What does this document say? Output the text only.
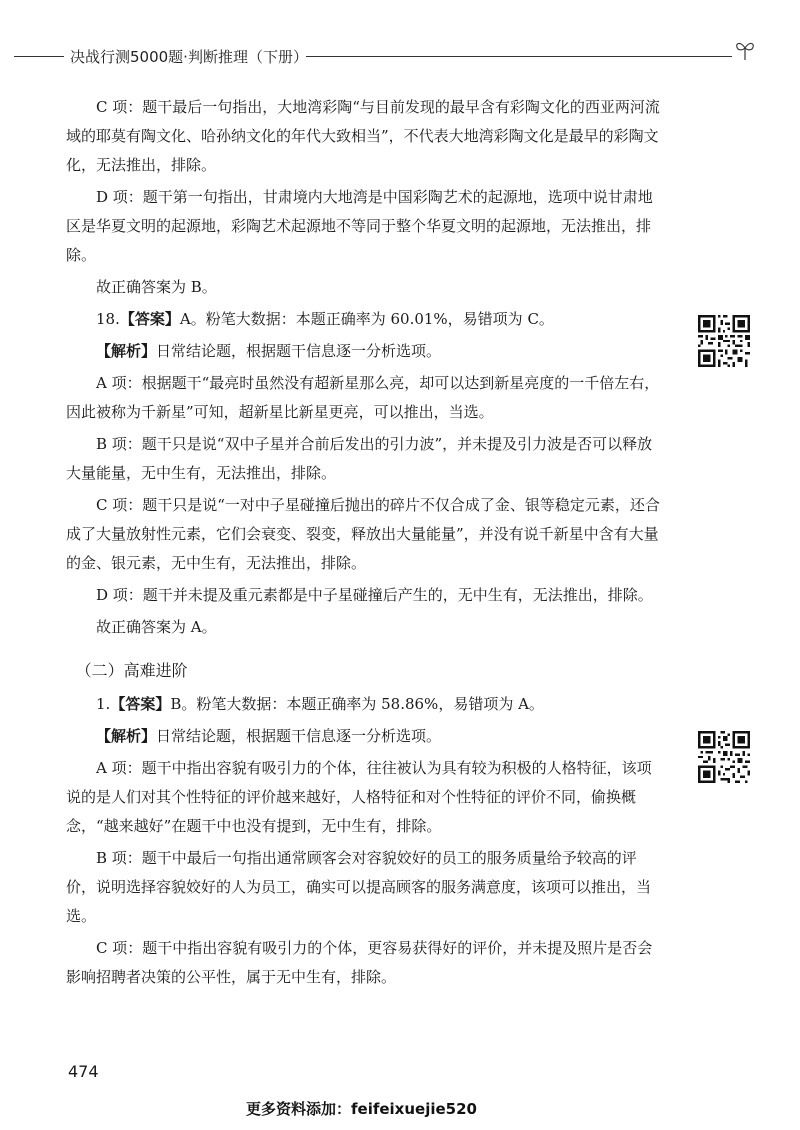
决战行测5000题·判断推理（下册）

C 项：题干最后一句指出，大地湾彩陶“与目前发现的最早含有彩陶文化的西亚两河流域的耶莫有陶文化、哈孙纳文化的年代大致相当”，不代表大地湾彩陶文化是最早的彩陶文化，无法推出，排除。

D 项：题干第一句指出，甘肃境内大地湾是中国彩陶艺术的起源地，选项中说甘肃地区是华夏文明的起源地，彩陶艺术起源地不等同于整个华夏文明的起源地，无法推出，排除。

故正确答案为 B。

18.【答案】A。粉笔大数据：本题正确率为 60.01%，易错项为 C。

【解析】日常结论题，根据题干信息逐一分析选项。

A 项：根据题干“最亮时虽然没有超新星那么亮，却可以达到新星亮度的一千倍左右，因此被称为千新星”可知，超新星比新星更亮，可以推出，当选。

B 项：题干只是说“双中子星并合前后发出的引力波”，并未提及引力波是否可以释放大量能量，无中生有，无法推出，排除。

C 项：题干只是说“一对中子星碰撞后抛出的碎片不仅合成了金、银等稳定元素，还合成了大量放射性元素，它们会衰变、裂变，释放出大量能量”，并没有说千新星中含有大量的金、银元素，无中生有，无法推出，排除。

D 项：题干并未提及重元素都是中子星碰撞后产生的，无中生有，无法推出，排除。

故正确答案为 A。

（二）高难进阶

1.【答案】B。粉笔大数据：本题正确率为 58.86%，易错项为 A。

【解析】日常结论题，根据题干信息逐一分析选项。

A 项：题干中指出容貌有吸引力的个体，往往被认为具有较为积极的人格特征，该项说的是人们对其个性特征的评价越来越好，人格特征和对个性特征的评价不同，偷换概念，“越来越好”在题干中也没有提到，无中生有，排除。

B 项：题干中最后一句指出通常顾客会对容貌姣好的员工的服务质量给予较高的评价，说明选择容貌姣好的人为员工，确实可以提高顾客的服务满意度，该项可以推出，当选。

C 项：题干中指出容貌有吸引力的个体，更容易获得好的评价，并未提及照片是否会影响招聘者决策的公平性，属于无中生有，排除。

474
更多资料添加：feifeixuejie520
